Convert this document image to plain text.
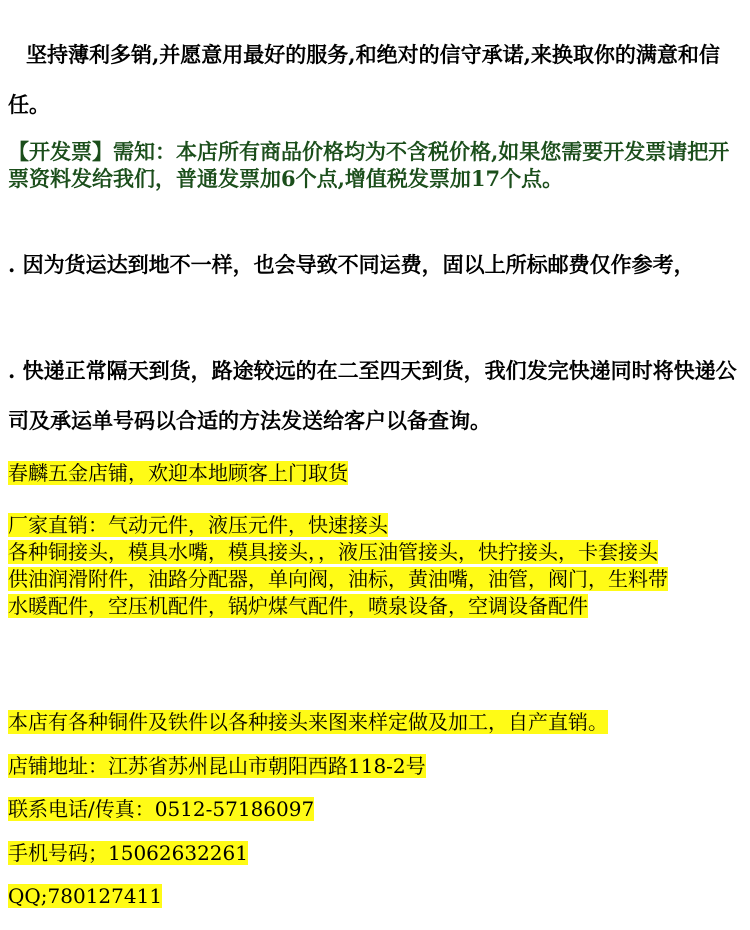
坚持薄利多销,并愿意用最好的服务,和绝对的信守承诺,来换取你的满意和信任。

【开发票】需知：本店所有商品价格均为不含税价格,如果您需要开发票请把开票资料发给我们，普通发票加6个点,增值税发票加17个点。

. 因为货运达到地不一样，也会导致不同运费，固以上所标邮费仅作参考，

. 快递正常隔天到货，路途较远的在二至四天到货，我们发完快递同时将快递公司及承运单号码以合适的方法发送给客户以备查询。

春麟五金店铺，欢迎本地顾客上门取货

厂家直销：气动元件，液压元件，快速接头
各种铜接头，模具水嘴，模具接头，，液压油管接头，快拧接头，卡套接头
供油润滑附件，油路分配器，单向阀，油标，黄油嘴，油管，阀门，生料带
水暖配件，空压机配件，锅炉煤气配件，喷泉设备，空调设备配件

本店有各种铜件及铁件以各种接头来图来样定做及加工，自产直销。

店铺地址：江苏省苏州昆山市朝阳西路118-2号

联系电话/传真：0512-57186097

手机号码；15062632261

QQ;780127411
